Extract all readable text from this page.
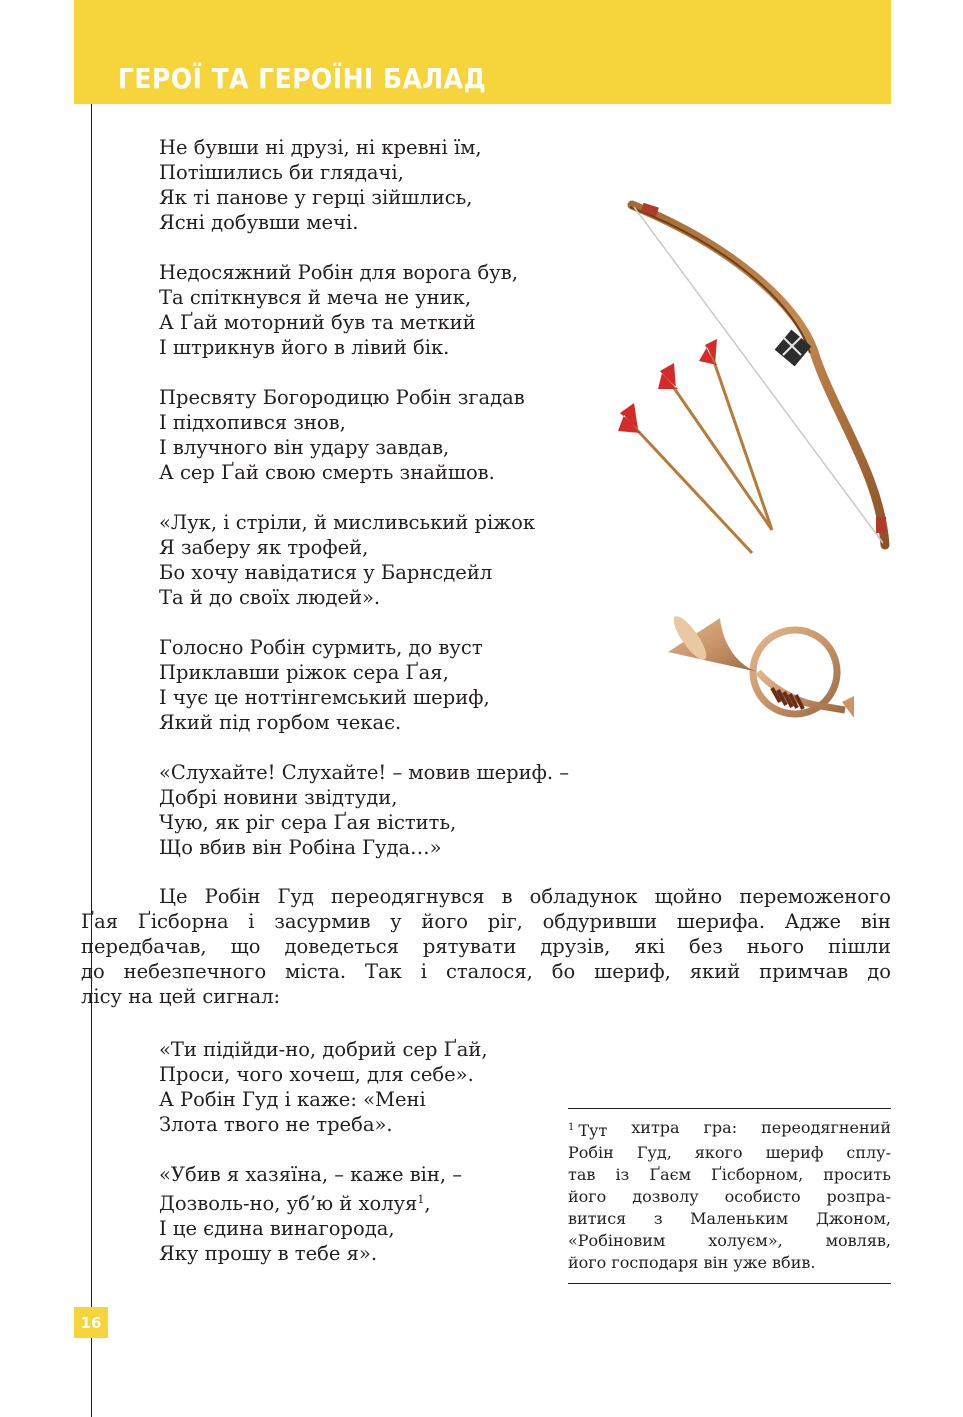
ГЕРОЇ ТА ГЕРОЇНІ БАЛАД
Не бувши ні друзі, ні кревні їм,
Потішились би глядачі,
Як ті панове у герці зійшлись,
Ясні добувши мечі.
Недосяжний Робін для ворога був,
Та спіткнувся й меча не уник,
А Ґай моторний був та меткий
І штрикнув його в лівий бік.
Пресвяту Богородицю Робін згадав
І підхопився знов,
І влучного він удару завдав,
А сер Ґай свою смерть знайшов.
«Лук, і стріли, й мисливський ріжок
Я заберу як трофей,
Бо хочу навідатися у Барнсдейл
Та й до своїх людей».
Голосно Робін сурмить, до вуст
Приклавши ріжок сера Ґая,
І чує це ноттінгемський шериф,
Який під горбом чекає.
«Слухайте! Слухайте! – мовив шериф. –
Добрі новини звідтуди,
Чую, як ріг сера Ґая вістить,
Що вбив він Робіна Гуда…»
Це Робін Гуд переодягнувся в обладунок щойно переможеного
Ґая Ґісборна і засурмив у його ріг, обдуривши шерифа. Адже він
передбачав, що доведеться рятувати друзів, які без нього пішли
до небезпечного міста. Так і сталося, бо шериф, який примчав до
лісу на цей сигнал:
«Ти підійди-но, добрий сер Ґай,
Проси, чого хочеш, для себе».
А Робін Гуд і каже: «Мені
Злота твого не треба».
«Убив я хазяїна, – каже він, –
Дозволь-но, уб’ю й холуя$^1$,
І це єдина винагорода,
Яку прошу в тебе я».
$^1$ Тут хитра гра: переодягнений
Робін Гуд, якого шериф сплу-
тав із Ґаєм Ґісборном, просить
його дозволу особисто розпра-
витися з Маленьким Джоном,
«Робіновим	холуєм»,	мовляв,
його господаря він уже вбив.
16
